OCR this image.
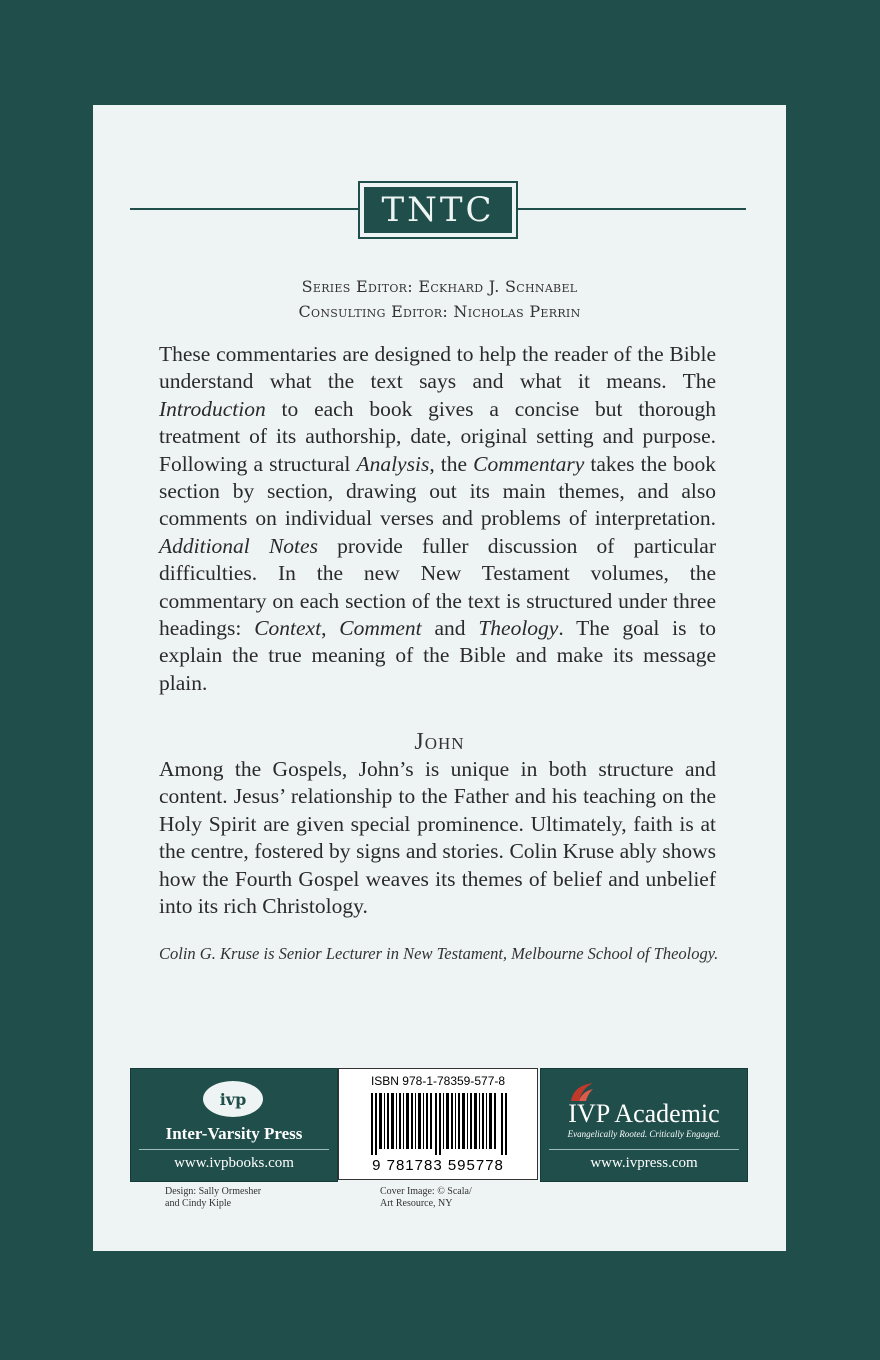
TNTC
Series Editor: Eckhard J. Schnabel
Consulting Editor: Nicholas Perrin
These commentaries are designed to help the reader of the Bible understand what the text says and what it means. The Introduction to each book gives a concise but thorough treatment of its authorship, date, original setting and purpose. Following a structural Analysis, the Commentary takes the book section by section, drawing out its main themes, and also comments on individual verses and problems of interpretation. Additional Notes provide fuller discussion of particular difficulties. In the new New Testament volumes, the commentary on each section of the text is structured under three headings: Context, Comment and Theology. The goal is to explain the true meaning of the Bible and make its message plain.
John
Among the Gospels, John’s is unique in both structure and content. Jesus’ relationship to the Father and his teaching on the Holy Spirit are given special prominence. Ultimately, faith is at the centre, fostered by signs and stories. Colin Kruse ably shows how the Fourth Gospel weaves its themes of belief and unbelief into its rich Christology.
Colin G. Kruse is Senior Lecturer in New Testament, Melbourne School of Theology.
ivp
Inter-Varsity Press
www.ivpbooks.com
ISBN 978-1-78359-577-8
9 781783 595778
IVP Academic
Evangelically Rooted. Critically Engaged.
www.ivpress.com
Design: Sally Ormesher
and Cindy Kiple
Cover Image: © Scala/
Art Resource, NY
